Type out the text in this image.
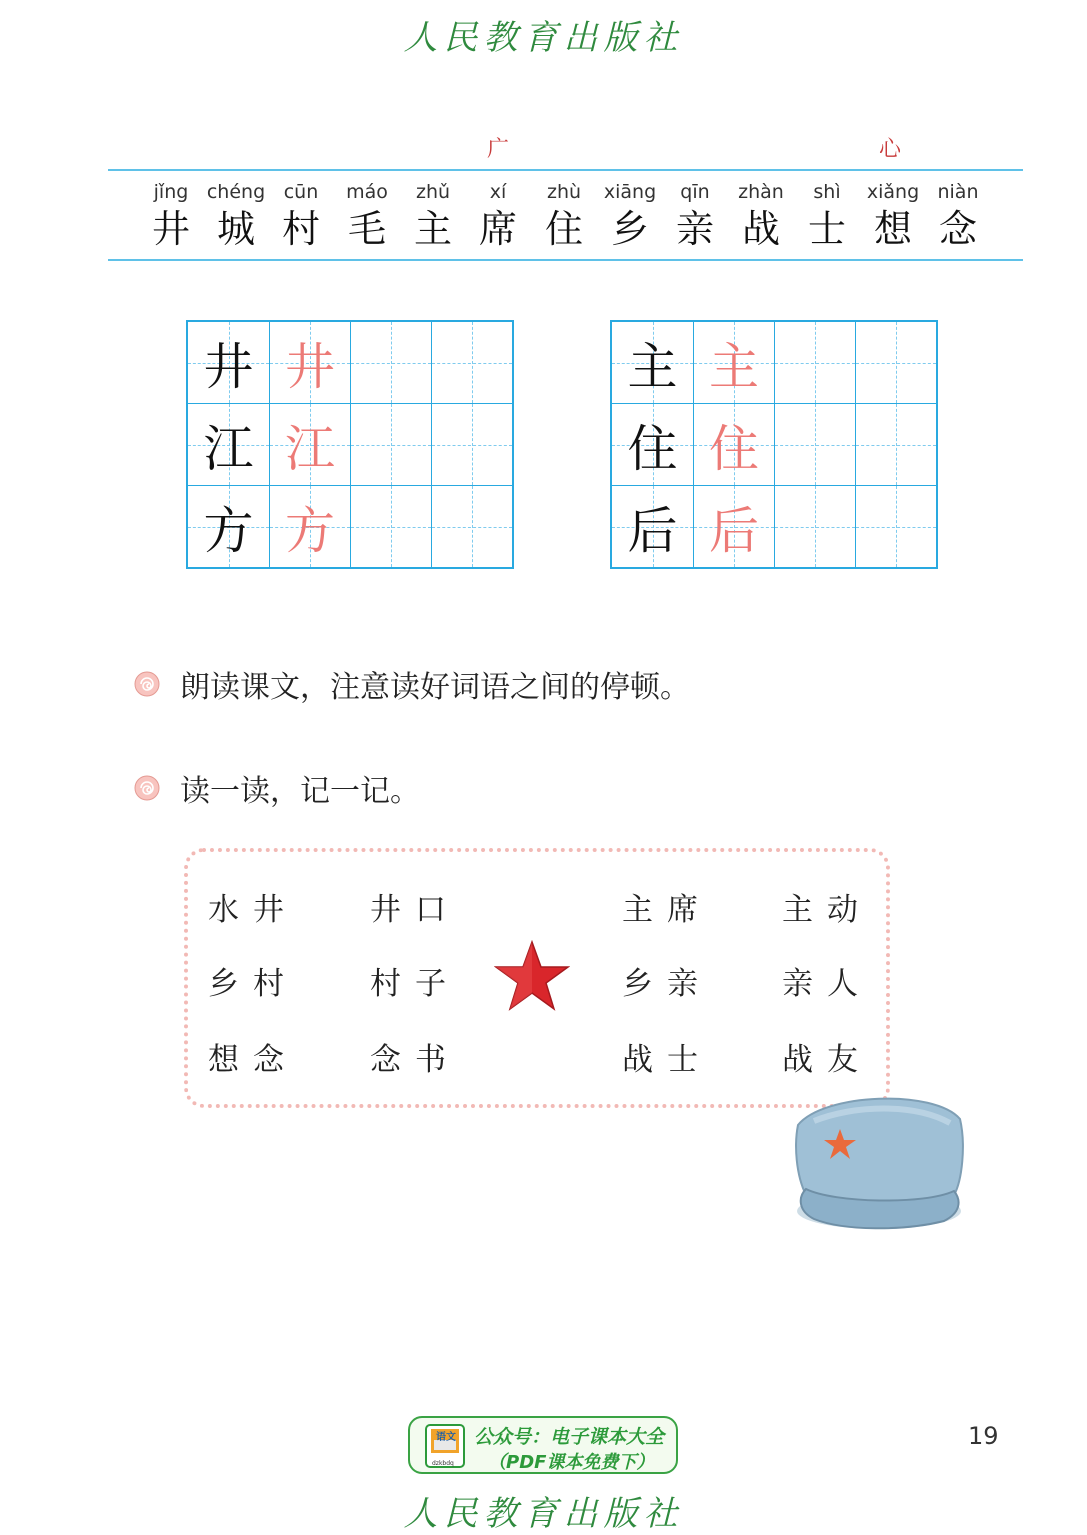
人民教育出版社
广	心
jǐng
井
chéng
城
cūn
村
máo
毛
zhǔ
主
xí
席
zhù
住
xiāng
乡
qīn
亲
zhàn
战
shì
士
xiǎng
想
niàn
念
井 井
江 江
方 方
主 主
住 住
后 后
朗读课文，注意读好词语之间的停顿。
读一读，记一记。
水井
乡村
想念
井口
村子
念书
主席
乡亲
战士
主动
亲人
战友
语文
dzkbdq
公众号：电子课本大全
（PDF课本免费下）
19
人民教育出版社
